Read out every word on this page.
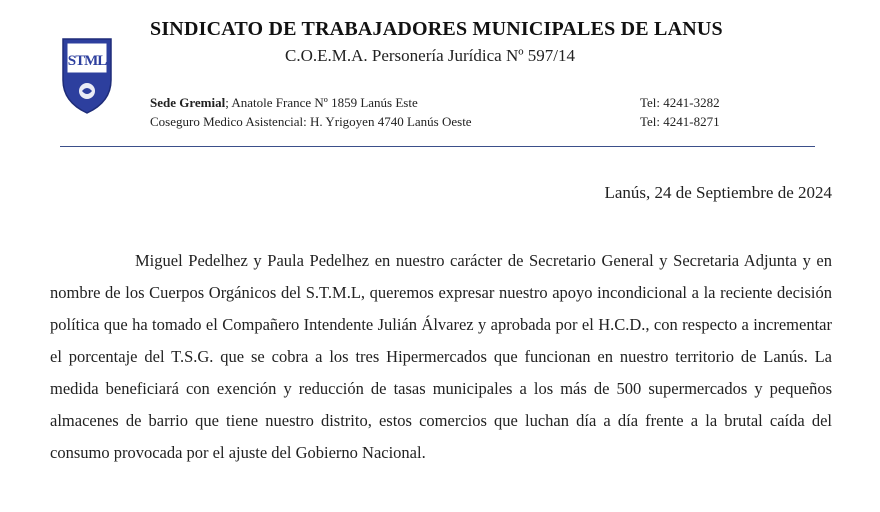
STML
SINDICATO DE TRABAJADORES MUNICIPALES DE LANUS
C.O.E.M.A. Personería Jurídica Nº 597/14
Sede Gremial; Anatole France Nº 1859 Lanús Este
Coseguro Medico Asistencial: H. Yrigoyen 4740 Lanús Oeste
Tel: 4241-3282
Tel: 4241-8271
Lanús, 24 de Septiembre de 2024
Miguel Pedelhez y Paula Pedelhez en nuestro carácter de Secretario General y Secretaria Adjunta y en nombre de los Cuerpos Orgánicos del S.T.M.L, queremos expresar nuestro apoyo incondicional a la reciente decisión política que ha tomado el Compañero Intendente Julián Álvarez y aprobada por el H.C.D., con respecto a incrementar el porcentaje del T.S.G. que se cobra a los tres Hipermercados que funcionan en nuestro territorio de Lanús. La medida beneficiará con exención y reducción de tasas municipales a los más de 500 supermercados y pequeños almacenes de barrio que tiene nuestro distrito, estos comercios que luchan día a día frente a la brutal caída del consumo provocada por el ajuste del Gobierno Nacional.
